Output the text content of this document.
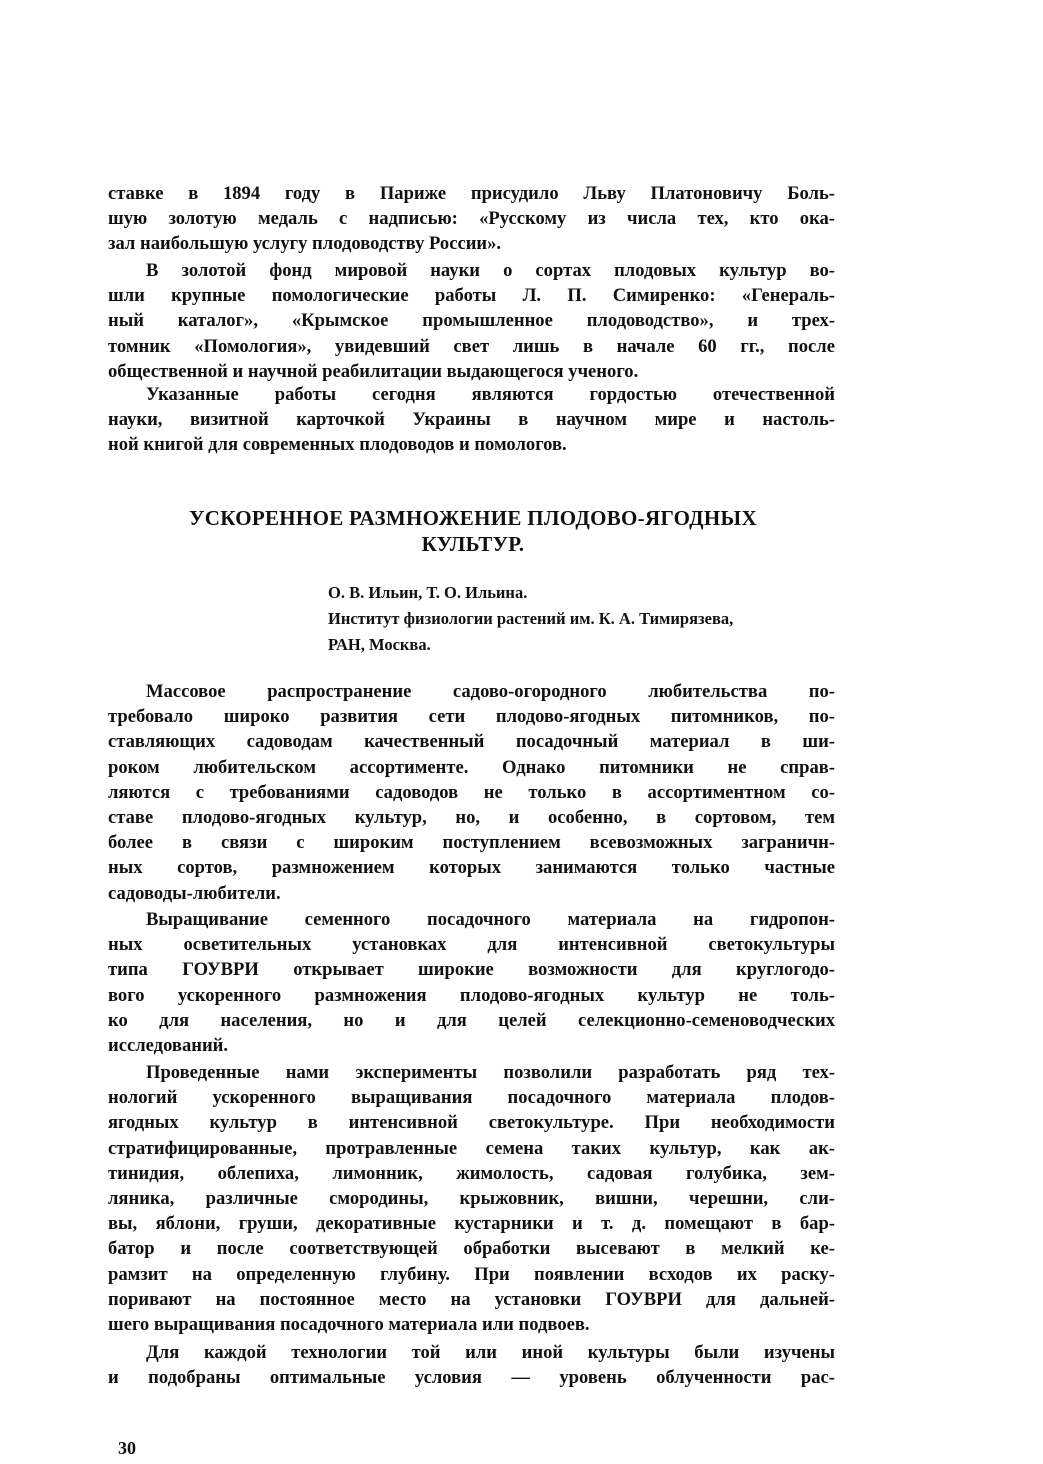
ставке в 1894 году в Париже присудило Льву Платоновичу Боль-
шую золотую медаль с надписью: «Русскому из числа тех, кто ока-
зал наибольшую услугу плодоводству России».
В золотой фонд мировой науки о сортах плодовых культур во-
шли крупные помологические работы Л. П. Симиренко: «Генераль-
ный каталог», «Крымское промышленное плодоводство», и трех-
томник «Помология», увидевший свет лишь в начале 60 гг., после
общественной и научной реабилитации выдающегося ученого.
Указанные работы сегодня являются гордостью отечественной
науки, визитной карточкой Украины в научном мире и настоль-
ной книгой для современных плодоводов и помологов.
УСКОРЕННОЕ РАЗМНОЖЕНИЕ ПЛОДОВО-ЯГОДНЫХ
КУЛЬТУР.
О. В. Ильин, Т. О. Ильина.
Институт физиологии растений им. К. А. Тимирязева,
РАН, Москва.
Массовое распространение садово-огородного любительства по-
требовало широко развития сети плодово-ягодных питомников, по-
ставляющих садоводам качественный посадочный материал в ши-
роком любительском ассортименте. Однако питомники не справ-
ляются с требованиями садоводов не только в ассортиментном со-
ставе плодово-ягодных культур, но, и особенно, в сортовом, тем
более в связи с широким поступлением всевозможных заграничн-
ных сортов, размножением которых занимаются только частные
садоводы-любители.
Выращивание семенного посадочного материала на гидропон-
ных осветительных установках для интенсивной светокультуры
типа ГОУВРИ открывает широкие возможности для круглогодо-
вого ускоренного размножения плодово-ягодных культур не толь-
ко для населения, но и для целей селекционно-семеноводческих
исследований.
Проведенные нами эксперименты позволили разработать ряд тех-
нологий ускоренного выращивания посадочного материала плодов-
ягодных культур в интенсивной светокультуре. При необходимости
стратифицированные, протравленные семена таких культур, как ак-
тинидия, облепиха, лимонник, жимолость, садовая голубика, зем-
ляника, различные смородины, крыжовник, вишни, черешни, сли-
вы, яблони, груши, декоративные кустарники и т. д. помещают в бар-
батор и после соответствующей обработки высевают в мелкий ке-
рамзит на определенную глубину. При появлении всходов их раску-
поривают на постоянное место на установки ГОУВРИ для дальней-
шего выращивания посадочного материала или подвоев.
Для каждой технологии той или иной культуры были изучены
и подобраны оптимальные условия — уровень облученности рас-
30
